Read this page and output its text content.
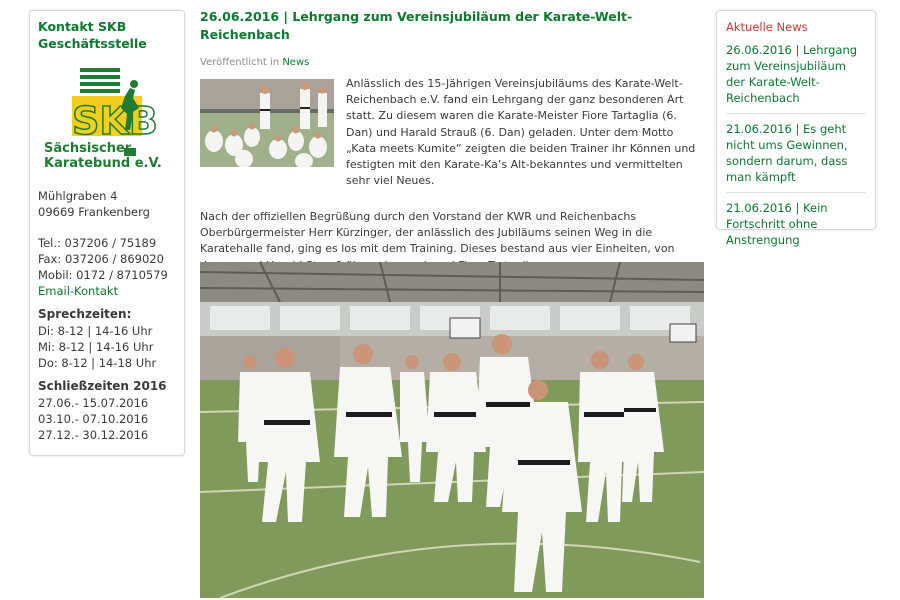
Kontakt SKB
Geschäftsstelle
SKB
Sächsischer
Karatebund e.V.
Mühlgraben 4
09669 Frankenberg
Tel.: 037206 / 75189
Fax: 037206 / 869020
Mobil: 0172 / 8710579
Email-Kontakt
Sprechzeiten:
Di: 8-12 | 14-16 Uhr
Mi: 8-12 | 14-16 Uhr
Do: 8-12 | 14-18 Uhr
Schließzeiten 2016
27.06.- 15.07.2016
03.10.- 07.10.2016
27.12.- 30.12.2016
26.06.2016 | Lehrgang zum Vereinsjubiläum der Karate-Welt-Reichenbach
Veröffentlicht in News
Anlässlich des 15-Jährigen Vereinsjubiläums des Karate-Welt-Reichenbach e.V. fand ein Lehrgang der ganz besonderen Art statt. Zu diesem waren die Karate-Meister Fiore Tartaglia (6. Dan) und Harald Strauß (6. Dan) geladen. Unter dem Motto „Kata meets Kumite“ zeigten die beiden Trainer ihr Können und festigten mit den Karate-Ka’s Alt-bekanntes und vermittelten sehr viel Neues.
Nach der offiziellen Begrüßung durch den Vorstand der KWR und Reichenbachs Oberbürgermeister Herr Kürzinger, der anlässlich des Jubiläums seinen Weg in die Karatehalle fand, ging es los mit dem Training. Dieses bestand aus vier Einheiten, von
Aktuelle News
26.06.2016 | Lehrgang zum Vereinsjubiläum der Karate-Welt-Reichenbach
21.06.2016 | Es geht nicht ums Gewinnen, sondern darum, dass man kämpft
21.06.2016 | Kein Fortschritt ohne Anstrengung
